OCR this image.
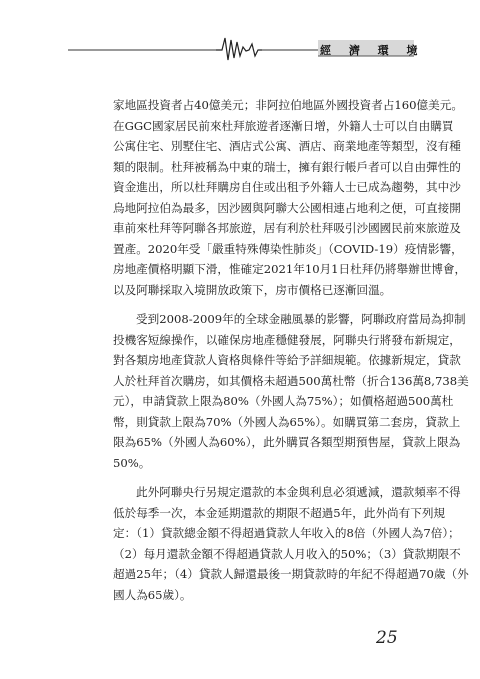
經 濟 環 境

家地區投資者占40億美元；非阿拉伯地區外國投資者占160億美元。
在GGC國家居民前來杜拜旅遊者逐漸日增，外籍人士可以自由購買
公寓住宅、別墅住宅、酒店式公寓、酒店、商業地產等類型，沒有種
類的限制。杜拜被稱為中東的瑞士，擁有銀行帳戶者可以自由彈性的
資金進出，所以杜拜購房自住或出租予外籍人士已成為趨勢，其中沙
烏地阿拉伯為最多，因沙國與阿聯大公國相連占地利之便，可直接開
車前來杜拜等阿聯各邦旅遊，居有利於杜拜吸引沙國國民前來旅遊及
置產。2020年受「嚴重特殊傳染性肺炎」（COVID-19）疫情影響，
房地產價格明顯下滑，惟確定2021年10月1日杜拜仍將舉辦世博會，
以及阿聯採取入境開放政策下，房市價格已逐漸回溫。

受到2008-2009年的全球金融風暴的影響，阿聯政府當局為抑制
投機客短線操作，以確保房地產穩健發展，阿聯央行將發布新規定，
對各類房地產貸款人資格與條件等給予詳細規範。依據新規定，貸款
人於杜拜首次購房，如其價格未超過500萬杜幣（折合136萬8,738美
元），申請貸款上限為80%（外國人為75%）；如價格超過500萬杜
幣，則貸款上限為70%（外國人為65%）。如購買第二套房，貸款上
限為65%（外國人為60%），此外購買各類型期預售屋，貸款上限為
50%。

此外阿聯央行另規定還款的本金與利息必須遞減，還款頻率不得
低於每季一次，本金延期還款的期限不超過5年，此外尚有下列規
定：（1）貸款總金額不得超過貸款人年收入的8倍（外國人為7倍）；
（2）每月還款金額不得超過貸款人月收入的50%；（3）貸款期限不
超過25年；（4）貸款人歸還最後一期貸款時的年紀不得超過70歲（外
國人為65歲）。

25
